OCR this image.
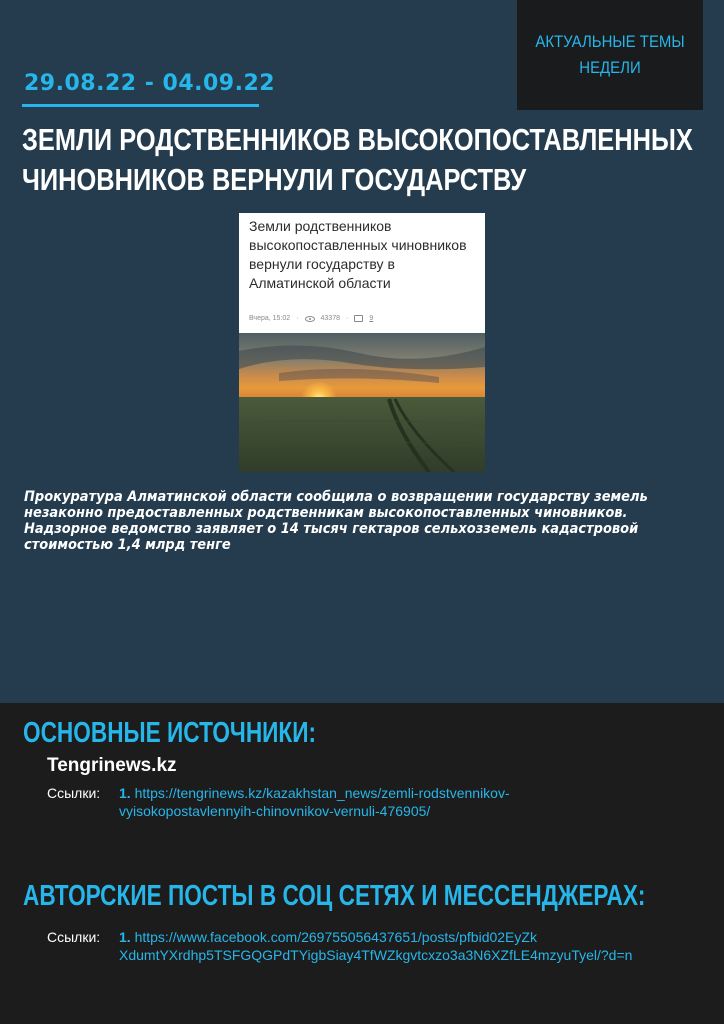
АКТУАЛЬНЫЕ ТЕМЫ НЕДЕЛИ
29.08.22 - 04.09.22
ЗЕМЛИ РОДСТВЕННИКОВ ВЫСОКОПОСТАВЛЕННЫХ
ЧИНОВНИКОВ ВЕРНУЛИ ГОСУДАРСТВУ
Земли родственников высокопоставленных чиновников вернули государству в Алматинской области
Вчера, 15:02 ·	43378 ·	9
Прокуратура Алматинской области сообщила о возвращении государству земель незаконно предоставленных родственникам высокопоставленных чиновников. Надзорное ведомство заявляет о 14 тысяч гектаров сельхозземель кадастровой стоимостью 1,4 млрд тенге
ОСНОВНЫЕ ИСТОЧНИКИ:
Tengrinews.kz
Ссылки: 1. https://tengrinews.kz/kazakhstan_news/zemli-rodstvennikov-
vyisokopostavlennyih-chinovnikov-vernuli-476905/
АВТОРСКИЕ ПОСТЫ В СОЦ СЕТЯХ И МЕССЕНДЖЕРАХ:
Ссылки: 1. https://www.facebook.com/269755056437651/posts/pfbid02EyZk
XdumtYXrdhp5TSFGQGPdTYigbSiay4TfWZkgvtcxzo3a3N6XZfLE4mzyuTyel/?d=n
